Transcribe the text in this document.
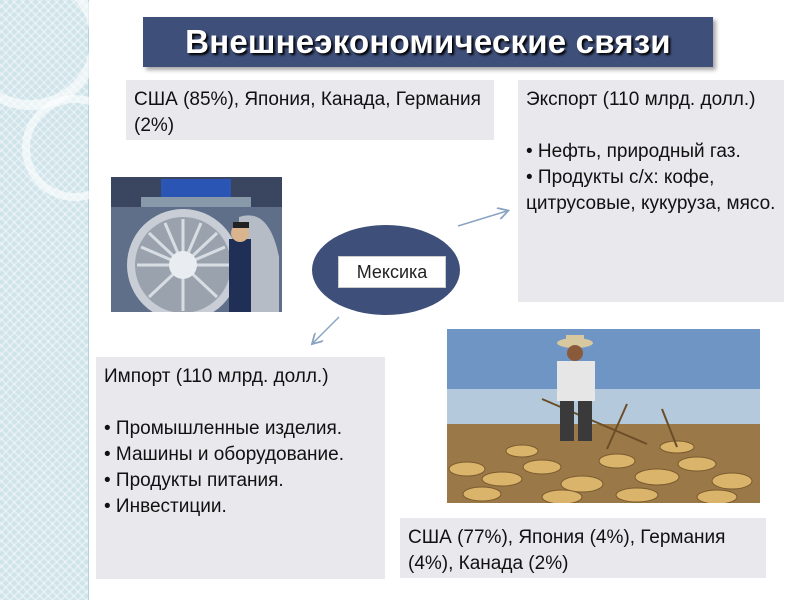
Внешнеэкономические связи
США (85%), Япония, Канада, Германия (2%)
Экспорт (110 млрд. долл.)
• Нефть, природный газ.
• Продукты с/х: кофе, цитрусовые, кукуруза, мясо.
Мексика
Импорт (110 млрд. долл.)
• Промышленные изделия.
• Машины и оборудование.
• Продукты питания.
• Инвестиции.
США (77%), Япония (4%), Германия (4%), Канада (2%)
